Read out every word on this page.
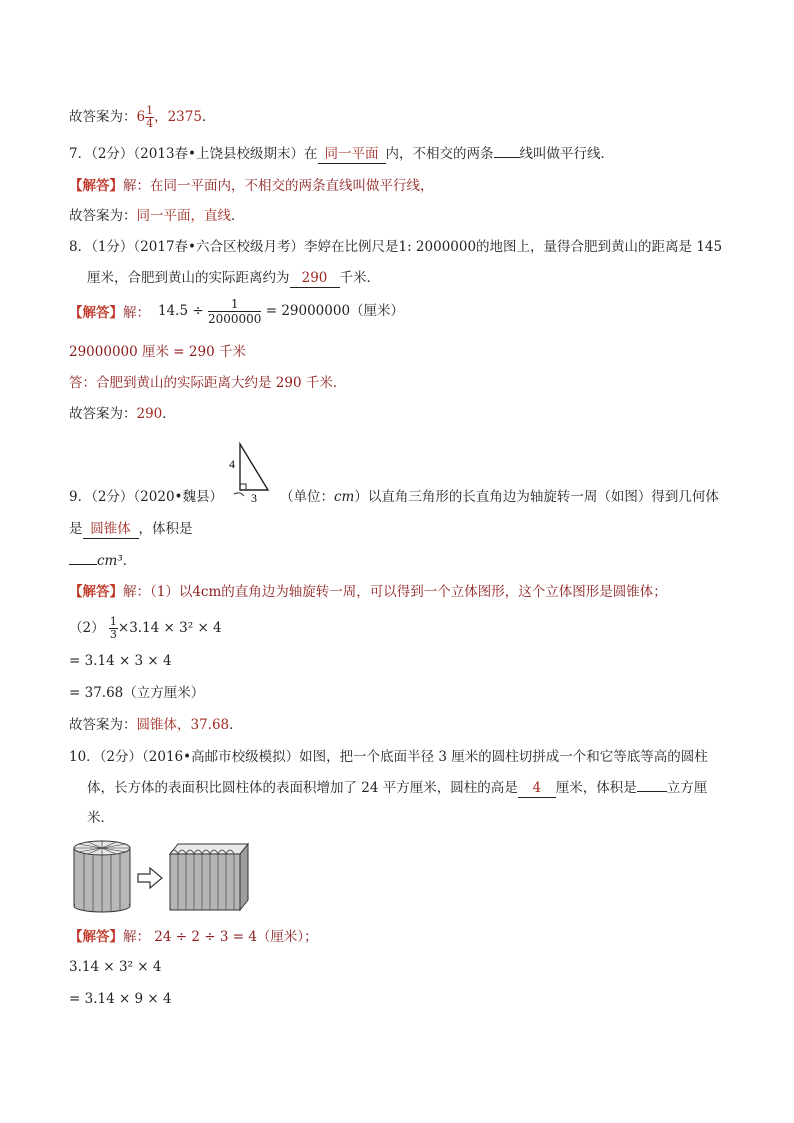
故答案为：$6 \frac{1}{4}$ ，2375．
7．（2分）（2013春•上饶县校级期末）在 同一平面 内，不相交的两条 线叫做平行线．
【解答】解：在同一平面内，不相交的两条直线叫做平行线，
故答案为：同一平面，直线．
8．（1分）（2017春•六合区校级月考）李婷在比例尺是1: 2000000的地图上，量得合肥到黄山的距离是 145
厘米，合肥到黄山的实际距离约为 290 千米．
【解答】解： $14.5 \div \frac{1}{2000000} = 29000000$（厘米）
29000000 厘米 = 290 千米
答：合肥到黄山的实际距离大约是 290 千米．
故答案为：290．
9．（2分）（2020•魏县）
4
3 （单位：cm）以直角三角形的长直角边为轴旋转一周（如图）得到几何体
是 圆锥体 ，体积是
cm³．
【解答】解：（1）以4cm的直角边为轴旋转一周，可以得到一个立体图形，这个立体图形是圆锥体；
$(2) \frac{1}{3} \times 3.14 \times 3^2 \times 4$
= 3.14 × 3 × 4
= 37.68（立方厘米）
故答案为：圆锥体，37.68．
10．（2分）（2016•高邮市校级模拟）如图，把一个底面半径 3 厘米的圆柱切拼成一个和它等底等高的圆柱
体，长方体的表面积比圆柱体的表面积增加了 24 平方厘米，圆柱的高是 4 厘米，体积是 立方厘
米．
【解答】解： 24 ÷ 2 ÷ 3 = 4（厘米）；
3.14 × 3² × 4
= 3.14 × 9 × 4
